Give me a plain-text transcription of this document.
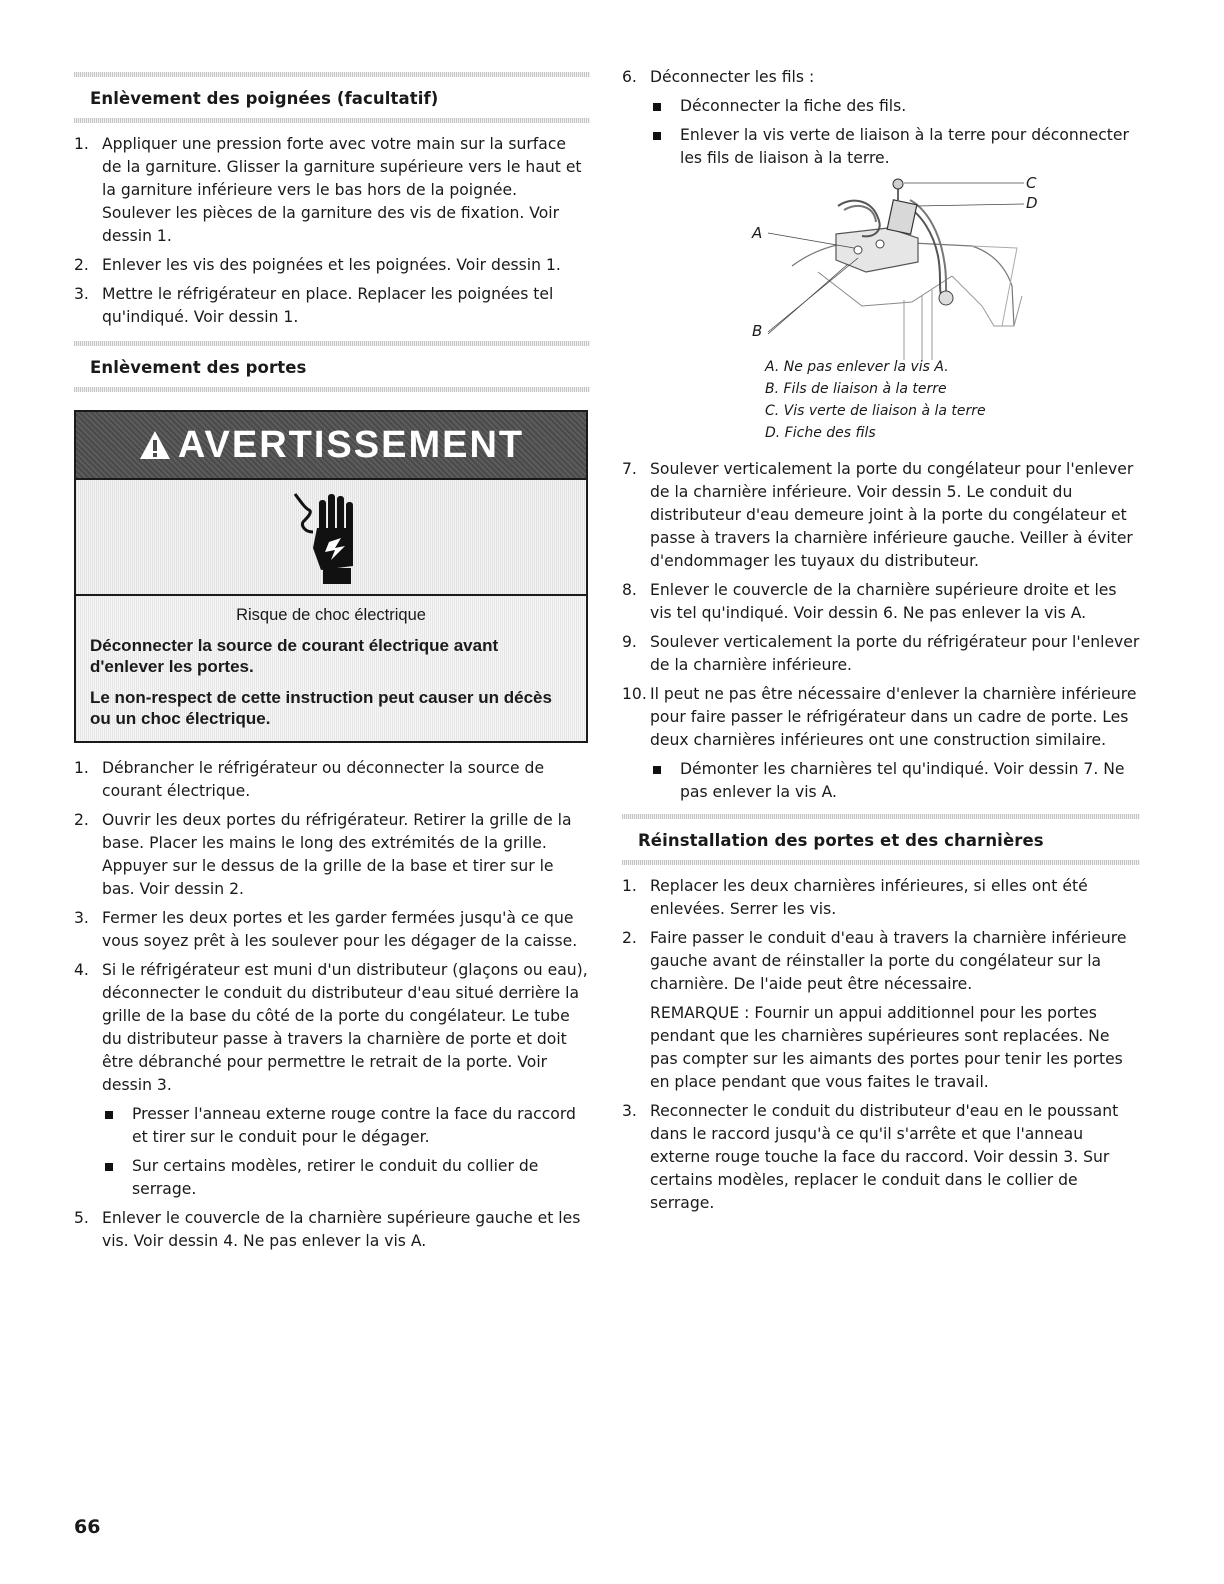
Enlèvement des poignées (facultatif)
1. Appliquer une pression forte avec votre main sur la surface de la garniture. Glisser la garniture supérieure vers le haut et la garniture inférieure vers le bas hors de la poignée. Soulever les pièces de la garniture des vis de fixation. Voir dessin 1.
2. Enlever les vis des poignées et les poignées. Voir dessin 1.
3. Mettre le réfrigérateur en place. Replacer les poignées tel qu'indiqué. Voir dessin 1.
Enlèvement des portes
AVERTISSEMENT
Risque de choc électrique
Déconnecter la source de courant électrique avant d'enlever les portes.
Le non-respect de cette instruction peut causer un décès ou un choc électrique.
1. Débrancher le réfrigérateur ou déconnecter la source de courant électrique.
2. Ouvrir les deux portes du réfrigérateur. Retirer la grille de la base. Placer les mains le long des extrémités de la grille. Appuyer sur le dessus de la grille de la base et tirer sur le bas. Voir dessin 2.
3. Fermer les deux portes et les garder fermées jusqu'à ce que vous soyez prêt à les soulever pour les dégager de la caisse.
4. Si le réfrigérateur est muni d'un distributeur (glaçons ou eau), déconnecter le conduit du distributeur d'eau situé derrière la grille de la base du côté de la porte du congélateur. Le tube du distributeur passe à travers la charnière de porte et doit être débranché pour permettre le retrait de la porte. Voir dessin 3.
Presser l'anneau externe rouge contre la face du raccord et tirer sur le conduit pour le dégager.
Sur certains modèles, retirer le conduit du collier de serrage.
5. Enlever le couvercle de la charnière supérieure gauche et les vis. Voir dessin 4. Ne pas enlever la vis A.
6. Déconnecter les fils :
Déconnecter la fiche des fils.
Enlever la vis verte de liaison à la terre pour déconnecter les fils de liaison à la terre.
C
D
A
B
A. Ne pas enlever la vis A.
B. Fils de liaison à la terre
C. Vis verte de liaison à la terre
D. Fiche des fils
7. Soulever verticalement la porte du congélateur pour l'enlever de la charnière inférieure. Voir dessin 5. Le conduit du distributeur d'eau demeure joint à la porte du congélateur et passe à travers la charnière inférieure gauche. Veiller à éviter d'endommager les tuyaux du distributeur.
8. Enlever le couvercle de la charnière supérieure droite et les vis tel qu'indiqué. Voir dessin 6. Ne pas enlever la vis A.
9. Soulever verticalement la porte du réfrigérateur pour l'enlever de la charnière inférieure.
10. Il peut ne pas être nécessaire d'enlever la charnière inférieure pour faire passer le réfrigérateur dans un cadre de porte. Les deux charnières inférieures ont une construction similaire.
Démonter les charnières tel qu'indiqué. Voir dessin 7. Ne pas enlever la vis A.
Réinstallation des portes et des charnières
1. Replacer les deux charnières inférieures, si elles ont été enlevées. Serrer les vis.
2. Faire passer le conduit d'eau à travers la charnière inférieure gauche avant de réinstaller la porte du congélateur sur la charnière. De l'aide peut être nécessaire.
REMARQUE : Fournir un appui additionnel pour les portes pendant que les charnières supérieures sont replacées. Ne pas compter sur les aimants des portes pour tenir les portes en place pendant que vous faites le travail.
3. Reconnecter le conduit du distributeur d'eau en le poussant dans le raccord jusqu'à ce qu'il s'arrête et que l'anneau externe rouge touche la face du raccord. Voir dessin 3. Sur certains modèles, replacer le conduit dans le collier de serrage.
66
